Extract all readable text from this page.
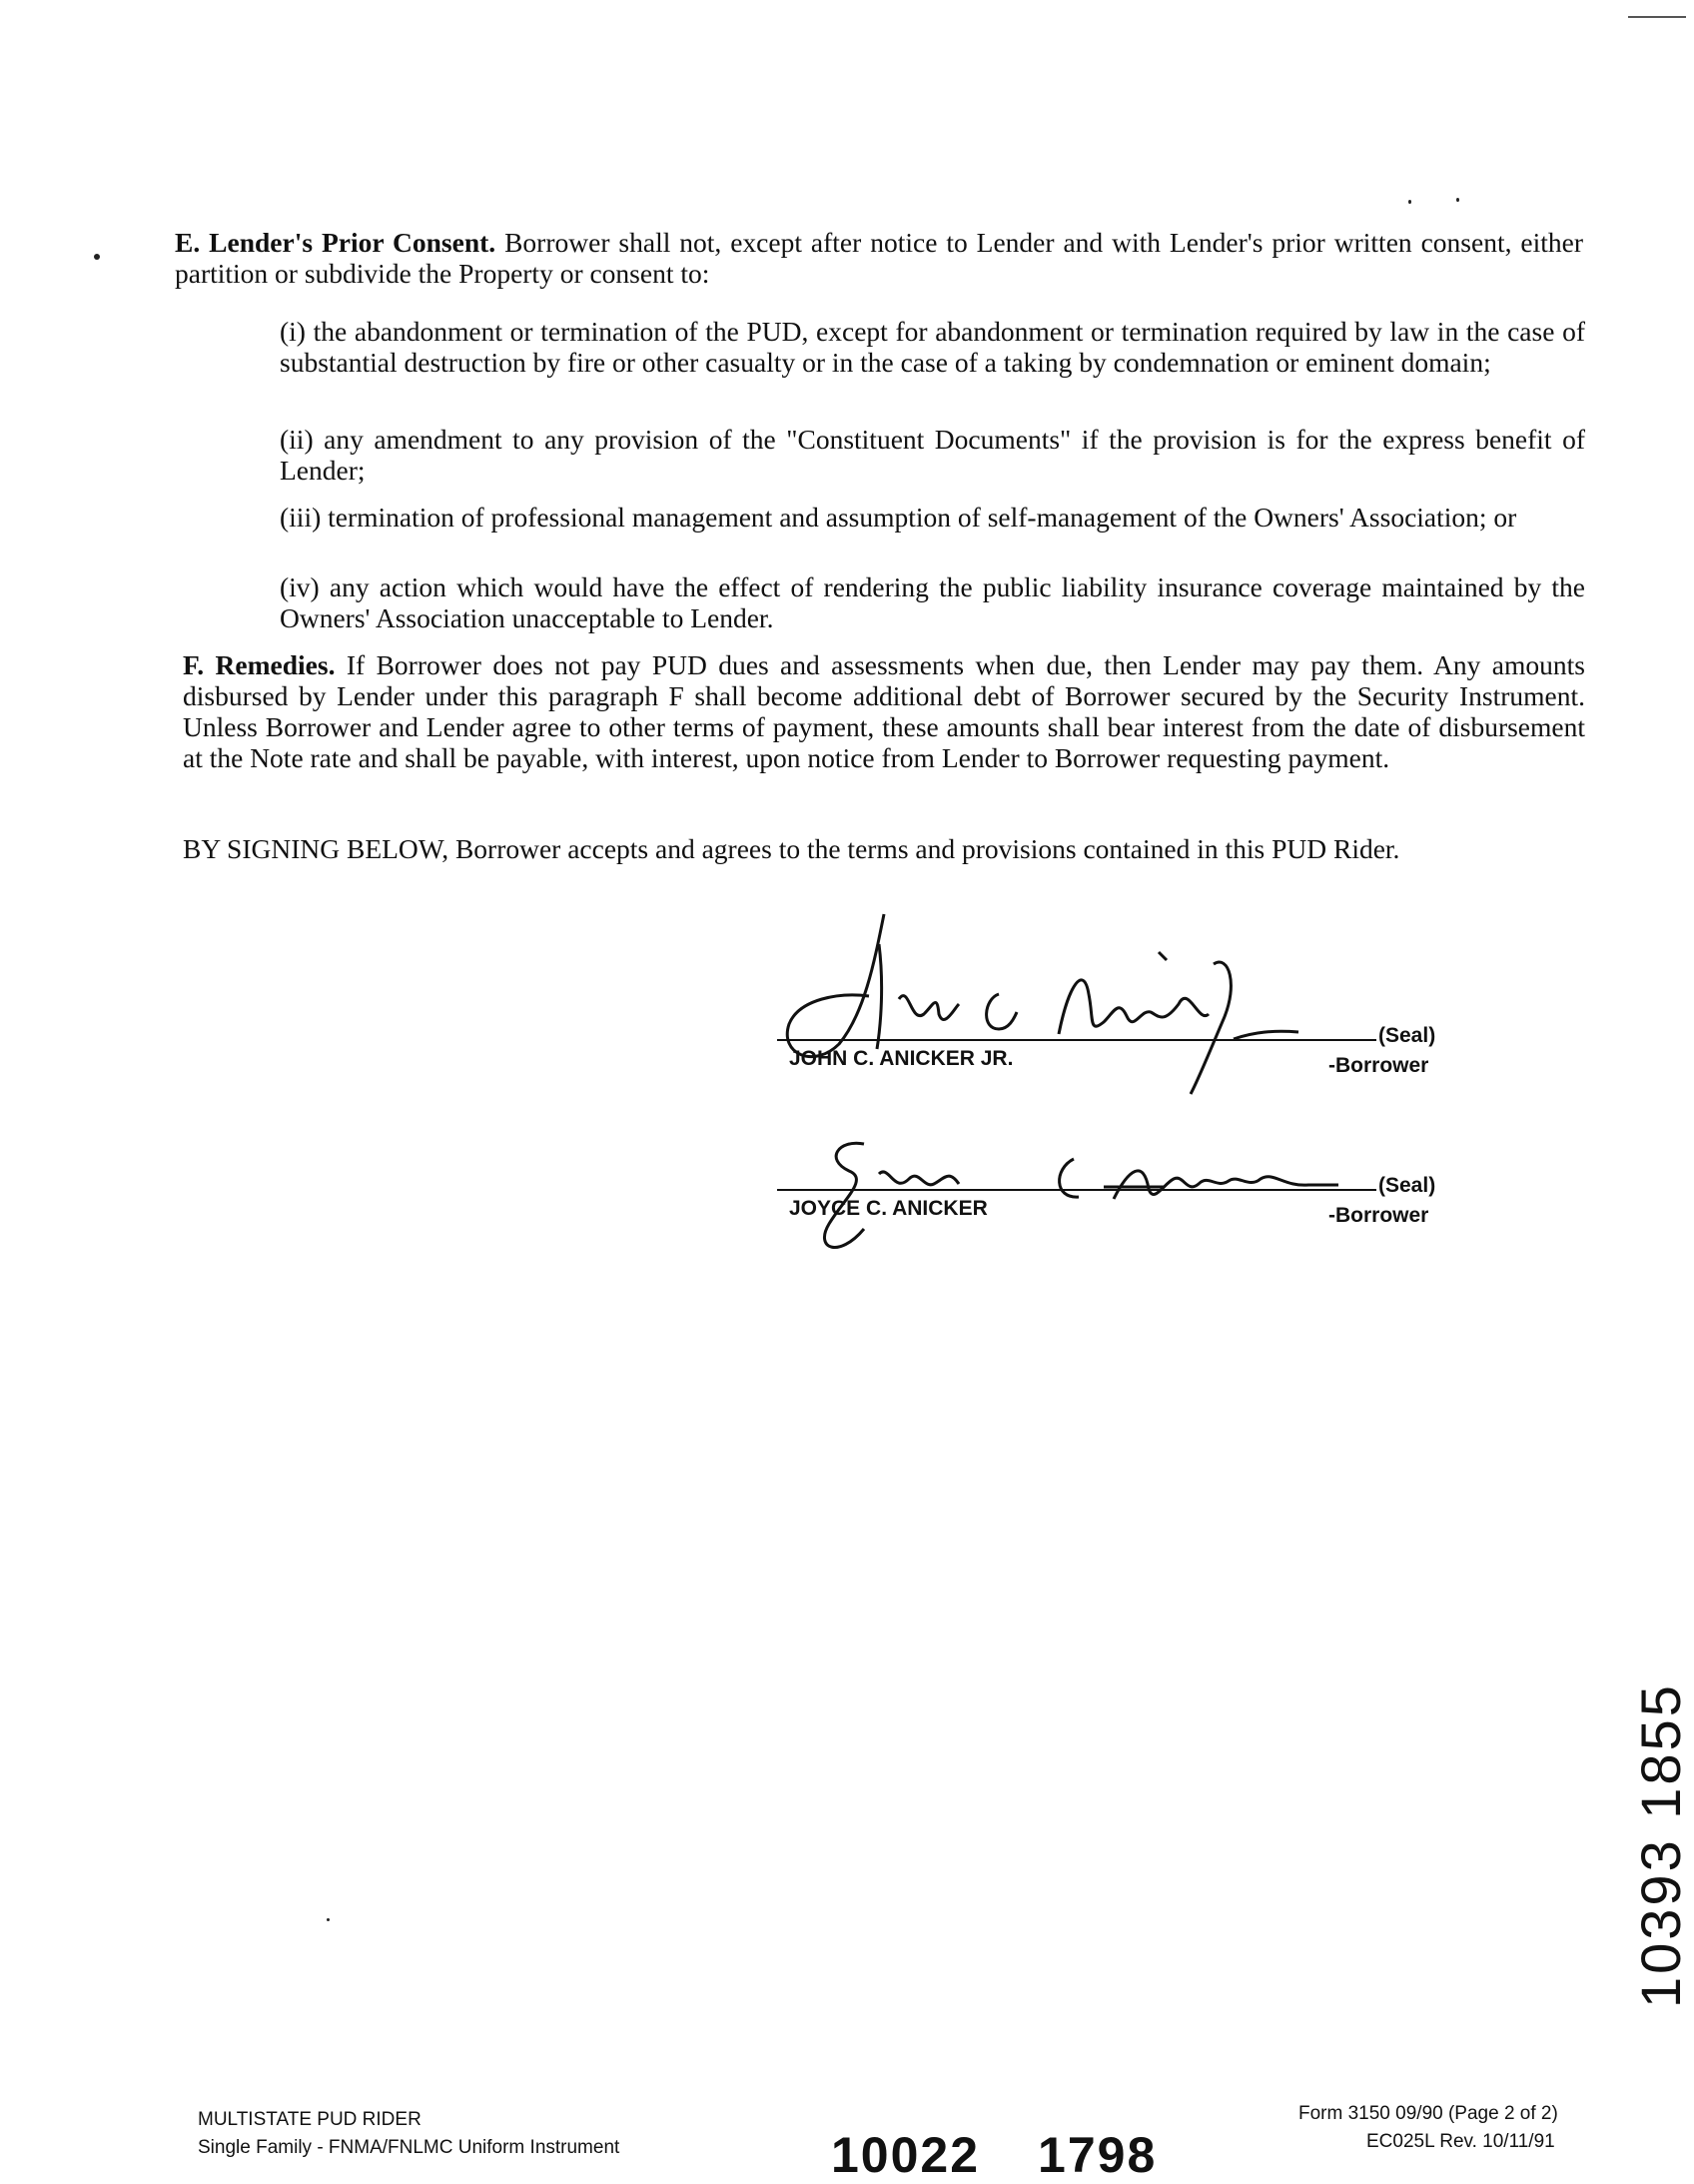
E. Lender's Prior Consent. Borrower shall not, except after notice to Lender and with Lender's prior written consent, either partition or subdivide the Property or consent to:
(i) the abandonment or termination of the PUD, except for abandonment or termination required by law in the case of substantial destruction by fire or other casualty or in the case of a taking by condemnation or eminent domain;
(ii) any amendment to any provision of the "Constituent Documents" if the provision is for the express benefit of Lender;
(iii) termination of professional management and assumption of self-management of the Owners' Association; or
(iv) any action which would have the effect of rendering the public liability insurance coverage maintained by the Owners' Association unacceptable to Lender.
F. Remedies. If Borrower does not pay PUD dues and assessments when due, then Lender may pay them. Any amounts disbursed by Lender under this paragraph F shall become additional debt of Borrower secured by the Security Instrument. Unless Borrower and Lender agree to other terms of payment, these amounts shall bear interest from the date of disbursement at the Note rate and shall be payable, with interest, upon notice from Lender to Borrower requesting payment.
BY SIGNING BELOW, Borrower accepts and agrees to the terms and provisions contained in this PUD Rider.
JOHN C. ANICKER JR.
(Seal)
-Borrower
JOYCE C. ANICKER
(Seal)
-Borrower
10393 1855
MULTISTATE PUD RIDER
Single Family - FNMA/FNLMC Uniform Instrument	10022 1798
Form 3150 09/90 (Page 2 of 2)
EC025L Rev. 10/11/91
